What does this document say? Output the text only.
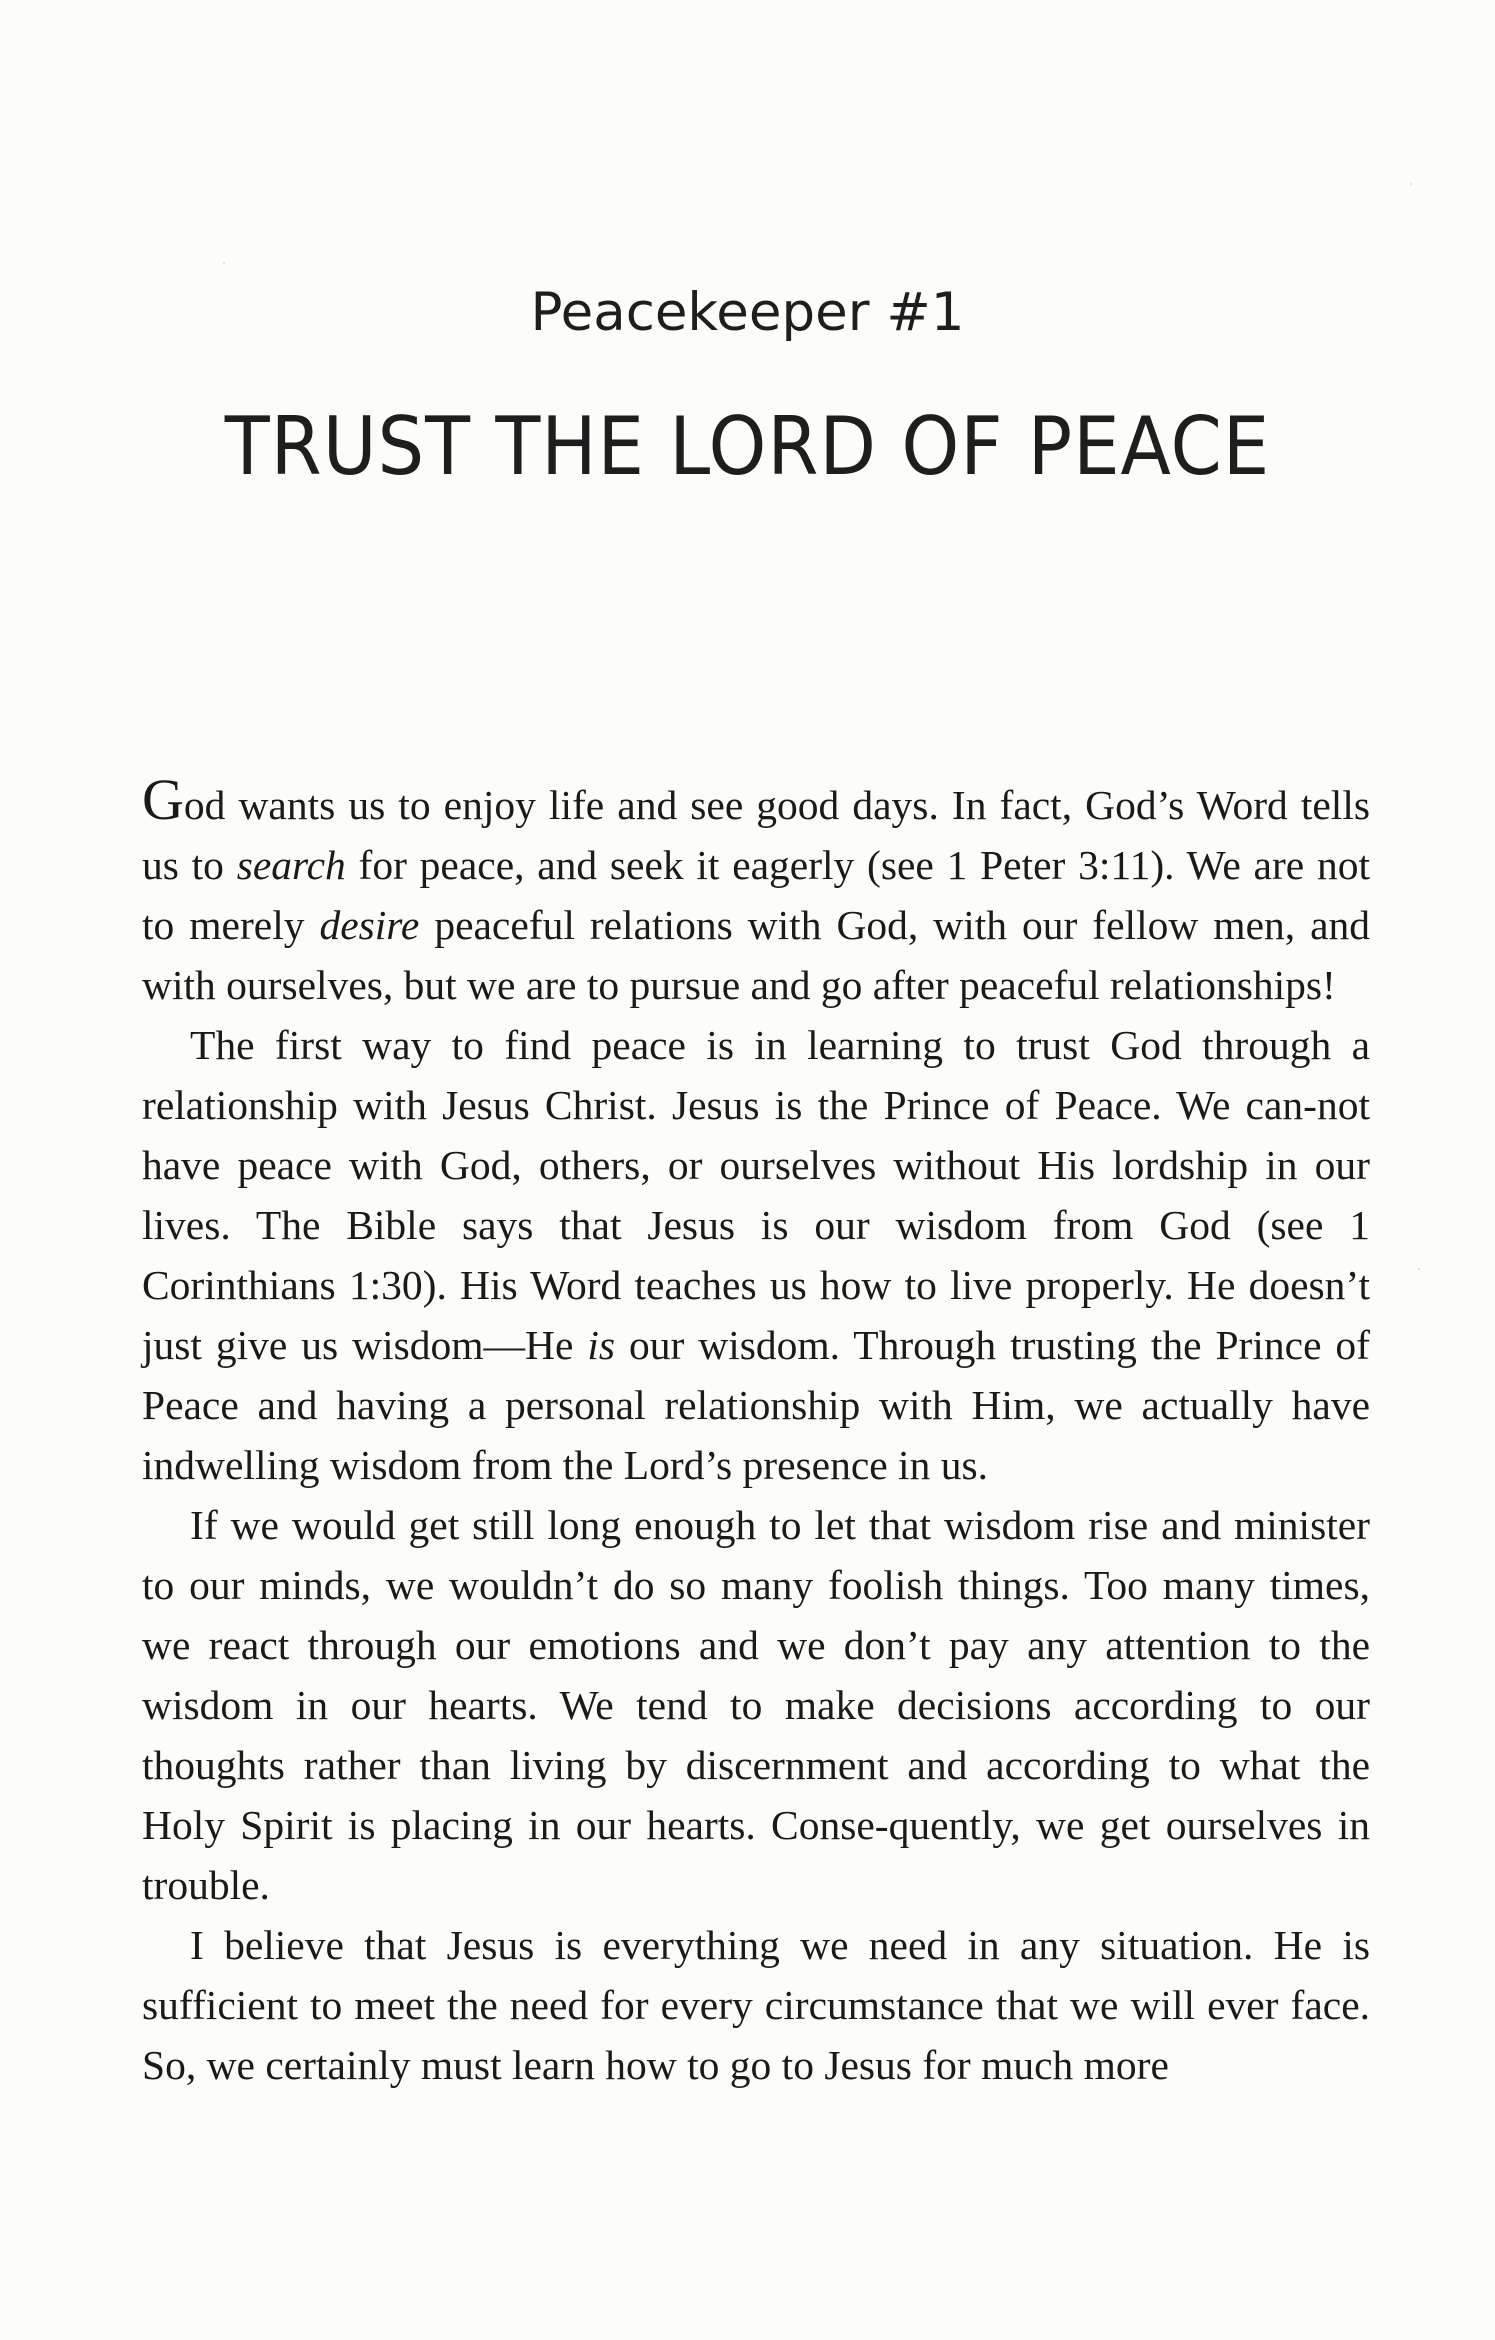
Peacekeeper #1
TRUST THE LORD OF PEACE

God wants us to enjoy life and see good days. In fact, God’s Word tells us to search for peace, and seek it eagerly (see 1 Peter 3:11). We are not to merely desire peaceful relations with God, with our fellow men, and with ourselves, but we are to pursue and go after peaceful relationships!

The first way to find peace is in learning to trust God through a relationship with Jesus Christ. Jesus is the Prince of Peace. We can-not have peace with God, others, or ourselves without His lordship in our lives. The Bible says that Jesus is our wisdom from God (see 1 Corinthians 1:30). His Word teaches us how to live properly. He doesn’t just give us wisdom—He is our wisdom. Through trusting the Prince of Peace and having a personal relationship with Him, we actually have indwelling wisdom from the Lord’s presence in us.

If we would get still long enough to let that wisdom rise and minister to our minds, we wouldn’t do so many foolish things. Too many times, we react through our emotions and we don’t pay any attention to the wisdom in our hearts. We tend to make decisions according to our thoughts rather than living by discernment and according to what the Holy Spirit is placing in our hearts. Conse-quently, we get ourselves in trouble.

I believe that Jesus is everything we need in any situation. He is sufficient to meet the need for every circumstance that we will ever face. So, we certainly must learn how to go to Jesus for much more
